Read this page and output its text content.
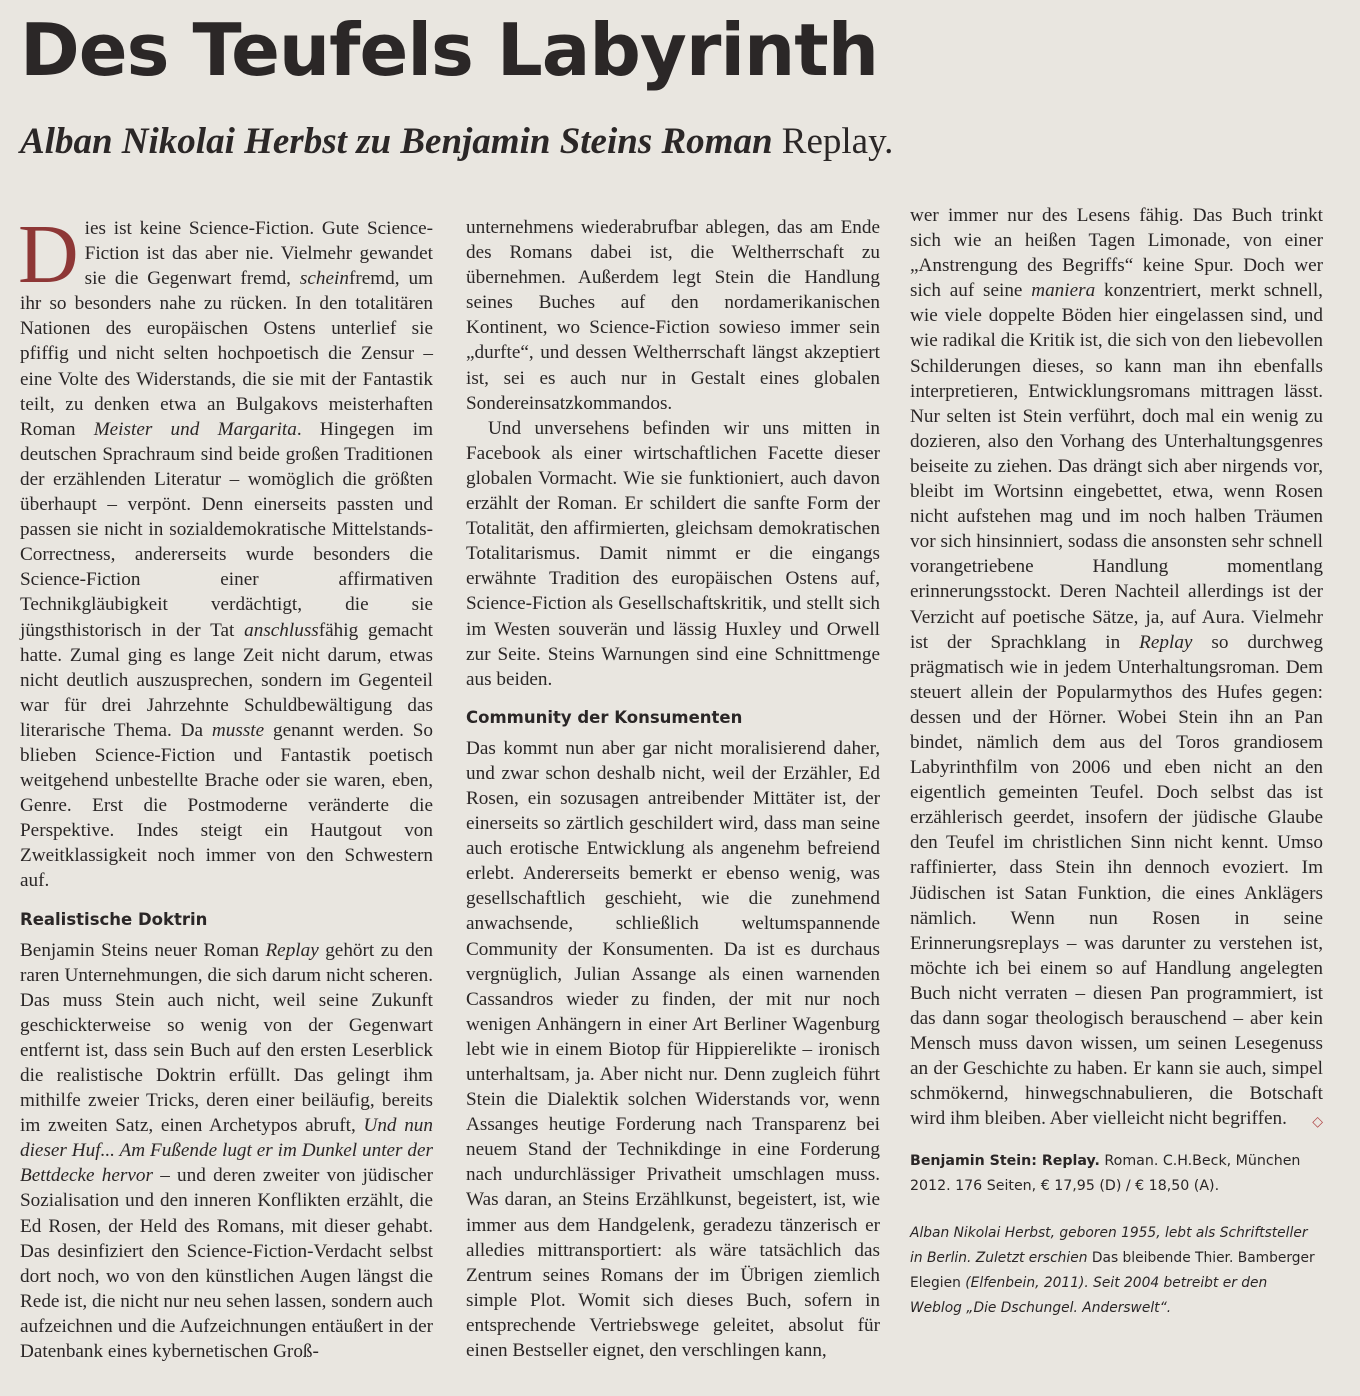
Des Teufels Labyrinth
Alban Nikolai Herbst zu Benjamin Steins Roman Replay.

Dies ist keine Science-Fiction. Gute Science-Fiction ist das aber nie. Vielmehr gewandet sie die Gegenwart fremd, scheinfremd, um ihr so besonders nahe zu rücken. In den totalitären Nationen des europäischen Ostens unterlief sie pfiffig und nicht selten hochpoetisch die Zensur – eine Volte des Widerstands, die sie mit der Fantastik teilt, zu denken etwa an Bulgakovs meisterhaften Roman Meister und Margarita. Hingegen im deutschen Sprachraum sind beide großen Traditionen der erzählenden Literatur – womöglich die größten überhaupt – verpönt. Denn einerseits passten und passen sie nicht in sozialdemokratische Mittelstands-Correctness, andererseits wurde besonders die Science-Fiction einer affirmativen Technikgläubigkeit verdächtigt, die sie jüngsthistorisch in der Tat anschlussfähig gemacht hatte. Zumal ging es lange Zeit nicht darum, etwas nicht deutlich auszusprechen, sondern im Gegenteil war für drei Jahrzehnte Schuldbewältigung das literarische Thema. Da musste genannt werden. So blieben Science-Fiction und Fantastik poetisch weitgehend unbestellte Brache oder sie waren, eben, Genre. Erst die Postmoderne veränderte die Perspektive. Indes steigt ein Hautgout von Zweitklassigkeit noch immer von den Schwestern auf.

Realistische Doktrin

Benjamin Steins neuer Roman Replay gehört zu den raren Unternehmungen, die sich darum nicht scheren. Das muss Stein auch nicht, weil seine Zukunft geschickterweise so wenig von der Gegenwart entfernt ist, dass sein Buch auf den ersten Leserblick die realistische Doktrin erfüllt. Das gelingt ihm mithilfe zweier Tricks, deren einer beiläufig, bereits im zweiten Satz, einen Archetypos abruft, Und nun dieser Huf... Am Fußende lugt er im Dunkel unter der Bettdecke hervor – und deren zweiter von jüdischer Sozialisation und den inneren Konflikten erzählt, die Ed Rosen, der Held des Romans, mit dieser gehabt. Das desinfiziert den Science-Fiction-Verdacht selbst dort noch, wo von den künstlichen Augen längst die Rede ist, die nicht nur neu sehen lassen, sondern auch aufzeichnen und die Aufzeichnungen entäußert in der Datenbank eines kybernetischen Groß-

unternehmens wiederabrufbar ablegen, das am Ende des Romans dabei ist, die Weltherrschaft zu übernehmen. Außerdem legt Stein die Handlung seines Buches auf den nordamerikanischen Kontinent, wo Science-Fiction sowieso immer sein „durfte“, und dessen Weltherrschaft längst akzeptiert ist, sei es auch nur in Gestalt eines globalen Sondereinsatzkommandos.

Und unversehens befinden wir uns mitten in Facebook als einer wirtschaftlichen Facette dieser globalen Vormacht. Wie sie funktioniert, auch davon erzählt der Roman. Er schildert die sanfte Form der Totalität, den affirmierten, gleichsam demokratischen Totalitarismus. Damit nimmt er die eingangs erwähnte Tradition des europäischen Ostens auf, Science-Fiction als Gesellschaftskritik, und stellt sich im Westen souverän und lässig Huxley und Orwell zur Seite. Steins Warnungen sind eine Schnittmenge aus beiden.

Community der Konsumenten

Das kommt nun aber gar nicht moralisierend daher, und zwar schon deshalb nicht, weil der Erzähler, Ed Rosen, ein sozusagen antreibender Mittäter ist, der einerseits so zärtlich geschildert wird, dass man seine auch erotische Entwicklung als angenehm befreiend erlebt. Andererseits bemerkt er ebenso wenig, was gesellschaftlich geschieht, wie die zunehmend anwachsende, schließlich weltumspannende Community der Konsumenten. Da ist es durchaus vergnüglich, Julian Assange als einen warnenden Cassandros wieder zu finden, der mit nur noch wenigen Anhängern in einer Art Berliner Wagenburg lebt wie in einem Biotop für Hippierelikte – ironisch unterhaltsam, ja. Aber nicht nur. Denn zugleich führt Stein die Dialektik solchen Widerstands vor, wenn Assanges heutige Forderung nach Transparenz bei neuem Stand der Technikdinge in eine Forderung nach undurchlässiger Privatheit umschlagen muss. Was daran, an Steins Erzählkunst, begeistert, ist, wie immer aus dem Handgelenk, geradezu tänzerisch er alledies mittransportiert: als wäre tatsächlich das Zentrum seines Romans der im Übrigen ziemlich simple Plot. Womit sich dieses Buch, sofern in entsprechende Vertriebswege geleitet, absolut für einen Bestseller eignet, den verschlingen kann,

wer immer nur des Lesens fähig. Das Buch trinkt sich wie an heißen Tagen Limonade, von einer „Anstrengung des Begriffs“ keine Spur. Doch wer sich auf seine maniera konzentriert, merkt schnell, wie viele doppelte Böden hier eingelassen sind, und wie radikal die Kritik ist, die sich von den liebevollen Schilderungen dieses, so kann man ihn ebenfalls interpretieren, Entwicklungsromans mittragen lässt. Nur selten ist Stein verführt, doch mal ein wenig zu dozieren, also den Vorhang des Unterhaltungsgenres beiseite zu ziehen. Das drängt sich aber nirgends vor, bleibt im Wortsinn eingebettet, etwa, wenn Rosen nicht aufstehen mag und im noch halben Träumen vor sich hinsinniert, sodass die ansonsten sehr schnell vorangetriebene Handlung momentlang erinnerungsstockt. Deren Nachteil allerdings ist der Verzicht auf poetische Sätze, ja, auf Aura. Vielmehr ist der Sprachklang in Replay so durchweg prägmatisch wie in jedem Unterhaltungsroman. Dem steuert allein der Popularmythos des Hufes gegen: dessen und der Hörner. Wobei Stein ihn an Pan bindet, nämlich dem aus del Toros grandiosem Labyrinthfilm von 2006 und eben nicht an den eigentlich gemeinten Teufel. Doch selbst das ist erzählerisch geerdet, insofern der jüdische Glaube den Teufel im christlichen Sinn nicht kennt. Umso raffinierter, dass Stein ihn dennoch evoziert. Im Jüdischen ist Satan Funktion, die eines Anklägers nämlich. Wenn nun Rosen in seine Erinnerungsreplays – was darunter zu verstehen ist, möchte ich bei einem so auf Handlung angelegten Buch nicht verraten – diesen Pan programmiert, ist das dann sogar theologisch berauschend – aber kein Mensch muss davon wissen, um seinen Lesegenuss an der Geschichte zu haben. Er kann sie auch, simpel schmökernd, hinwegschnabulieren, die Botschaft wird ihm bleiben. Aber vielleicht nicht begriffen. ◇

Benjamin Stein: Replay. Roman. C.H.Beck, München 2012. 176 Seiten, € 17,95 (D) / € 18,50 (A).
Alban Nikolai Herbst, geboren 1955, lebt als Schriftsteller in Berlin. Zuletzt erschien Das bleibende Thier. Bamberger Elegien (Elfenbein, 2011). Seit 2004 betreibt er den Weblog „Die Dschungel. Anderswelt“.
